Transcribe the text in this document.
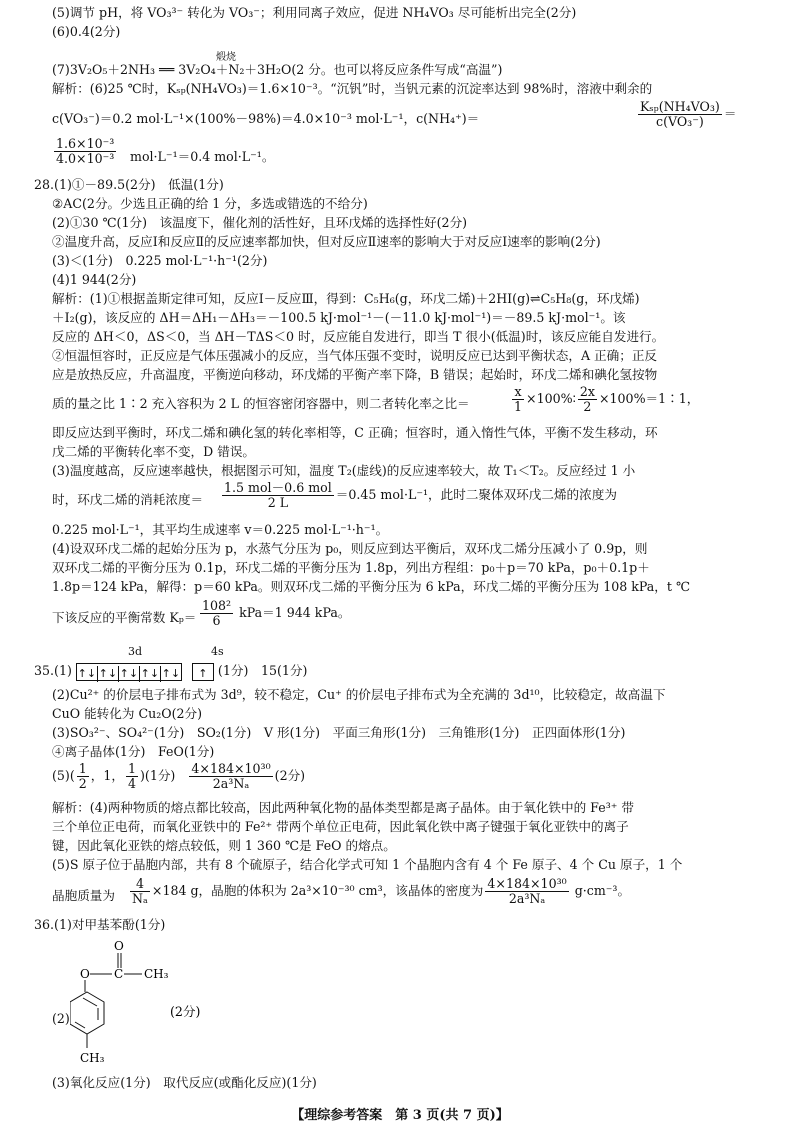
(5)调节 pH，将 VO₃³⁻ 转化为 VO₃⁻；利用同离子效应，促进 NH₄VO₃ 尽可能析出完全(2分)
(6)0.4(2分)
(7)3V₂O₅＋2NH₃ ══ 3V₂O₄＋N₂＋3H₂O(2 分。也可以将反应条件写成“高温”)
解析：(6)25 ℃时，Kₛₚ(NH₄VO₃)＝1.6×10⁻³。“沉钒”时，当钒元素的沉淀率达到 98%时，溶液中剩余的
c(VO₃⁻)＝0.2 mol·L⁻¹×(100%－98%)＝4.0×10⁻³ mol·L⁻¹，c(NH₄⁺)＝
28.(1)①－89.5(2分)　低温(1分)
②AC(2分。少选且正确的给 1 分，多选或错选的不给分)
(2)①30 ℃(1分)　该温度下，催化剂的活性好，且环戊烯的选择性好(2分)
②温度升高，反应Ⅰ和反应Ⅱ的反应速率都加快，但对反应Ⅱ速率的影响大于对反应Ⅰ速率的影响(2分)
(3)＜(1分)　0.225 mol·L⁻¹·h⁻¹(2分)
(4)1 944(2分)
解析：(1)①根据盖斯定律可知，反应Ⅰ－反应Ⅲ，得到：C₅H₆(g，环戊二烯)＋2HI(g)⇌C₅H₈(g，环戊烯)
＋I₂(g)，该反应的 ΔH＝ΔH₁－ΔH₃＝－100.5 kJ·mol⁻¹－(－11.0 kJ·mol⁻¹)＝－89.5 kJ·mol⁻¹。该
反应的 ΔH＜0，ΔS＜0，当 ΔH－TΔS＜0 时，反应能自发进行，即当 T 很小(低温)时，该反应能自发进行。
②恒温恒容时，正反应是气体压强减小的反应，当气体压强不变时，说明反应已达到平衡状态，A 正确；正反
应是放热反应，升高温度，平衡逆向移动，环戊烯的平衡产率下降，B 错误；起始时，环戊二烯和碘化氢按物
质的量之比 1∶2 充入容积为 2 L 的恒容密闭容器中，则二者转化率之比＝
即反应达到平衡时，环戊二烯和碘化氢的转化率相等，C 正确；恒容时，通入惰性气体，平衡不发生移动，环
戊二烯的平衡转化率不变，D 错误。
(3)温度越高，反应速率越快，根据图示可知，温度 T₂(虚线)的反应速率较大，故 T₁＜T₂。反应经过 1 小
时，环戊二烯的消耗浓度＝
0.225 mol·L⁻¹，其平均生成速率 v＝0.225 mol·L⁻¹·h⁻¹。
(4)设双环戊二烯的起始分压为 p，水蒸气分压为 p₀，则反应到达平衡后，双环戊二烯分压减小了 0.9p，则
双环戊二烯的平衡分压为 0.1p，环戊二烯的平衡分压为 1.8p，列出方程组：p₀＋p＝70 kPa，p₀＋0.1p＋
1.8p＝124 kPa，解得：p＝60 kPa。则双环戊二烯的平衡分压为 6 kPa，环戊二烯的平衡分压为 108 kPa，t ℃
下该反应的平衡常数 Kₚ＝
(2)Cu²⁺ 的价层电子排布式为 3d⁹，较不稳定，Cu⁺ 的价层电子排布式为全充满的 3d¹⁰，比较稳定，故高温下
CuO 能转化为 Cu₂O(2分)
(3)SO₃²⁻、SO₄²⁻(1分)　SO₂(1分)　V 形(1分)　平面三角形(1分)　三角锥形(1分)　正四面体形(1分)
④离子晶体(1分)　FeO(1分)
解析：(4)两种物质的熔点都比较高，因此两种氧化物的晶体类型都是离子晶体。由于氧化铁中的 Fe³⁺ 带
三个单位正电荷，而氧化亚铁中的 Fe²⁺ 带两个单位正电荷，因此氧化铁中离子键强于氧化亚铁中的离子
键，因此氧化亚铁的熔点较低，则 1 360 ℃是 FeO 的熔点。
(5)S 原子位于晶胞内部，共有 8 个硫原子，结合化学式可知 1 个晶胞内含有 4 个 Fe 原子、4 个 Cu 原子，1 个
晶胞质量为
36.(1)对甲基苯酚(1分)
(2)
(3)氧化反应(1分)　取代反应(或酯化反应)(1分)
煅烧
$\frac{\text{Kₛₚ(NH₄VO₃)}}{\text{c(VO₃⁻)}}$ ＝
$\frac{\text{1.6×10⁻³}}{\text{4.0×10⁻³}} mol\cdot L^{-1}=0.4$ mol·L⁻¹。
$\frac{x}{1}$ ×100%∶ $\frac{2x}{2}$ ×100%＝1∶1，
$\frac{\text{1.5 mol－0.6 mol}}{2 L} =0.45$ mol·L⁻¹，此时二聚体双环戊二烯的浓度为
$\frac{\text{108²}}{6} kPa=1$ 944 kPa。
3d	4s
35.(1) ↑↓ ↑↓ ↑↓ ↑↓ ↑↓ ↑ (1分)　15(1分)
$(5)( \frac{1}{2}$ ，1， $\frac{1}{4} )(1$分) $\frac{\text{4×184×10³⁰}}{\text{2a³Nₐ}} (2$分)
$\frac{4}{\text{Nₐ}} \times 184$ g，晶胞的体积为 2a³×10⁻³⁰ cm³，该晶体的密度为 $\frac{\text{4×184×10³⁰}}{\text{2a³Nₐ}} g\cdot cm^{-3}$。
O
O C CH₃
CH₃
(2分)
【理综参考答案　第 3 页(共 7 页)】
